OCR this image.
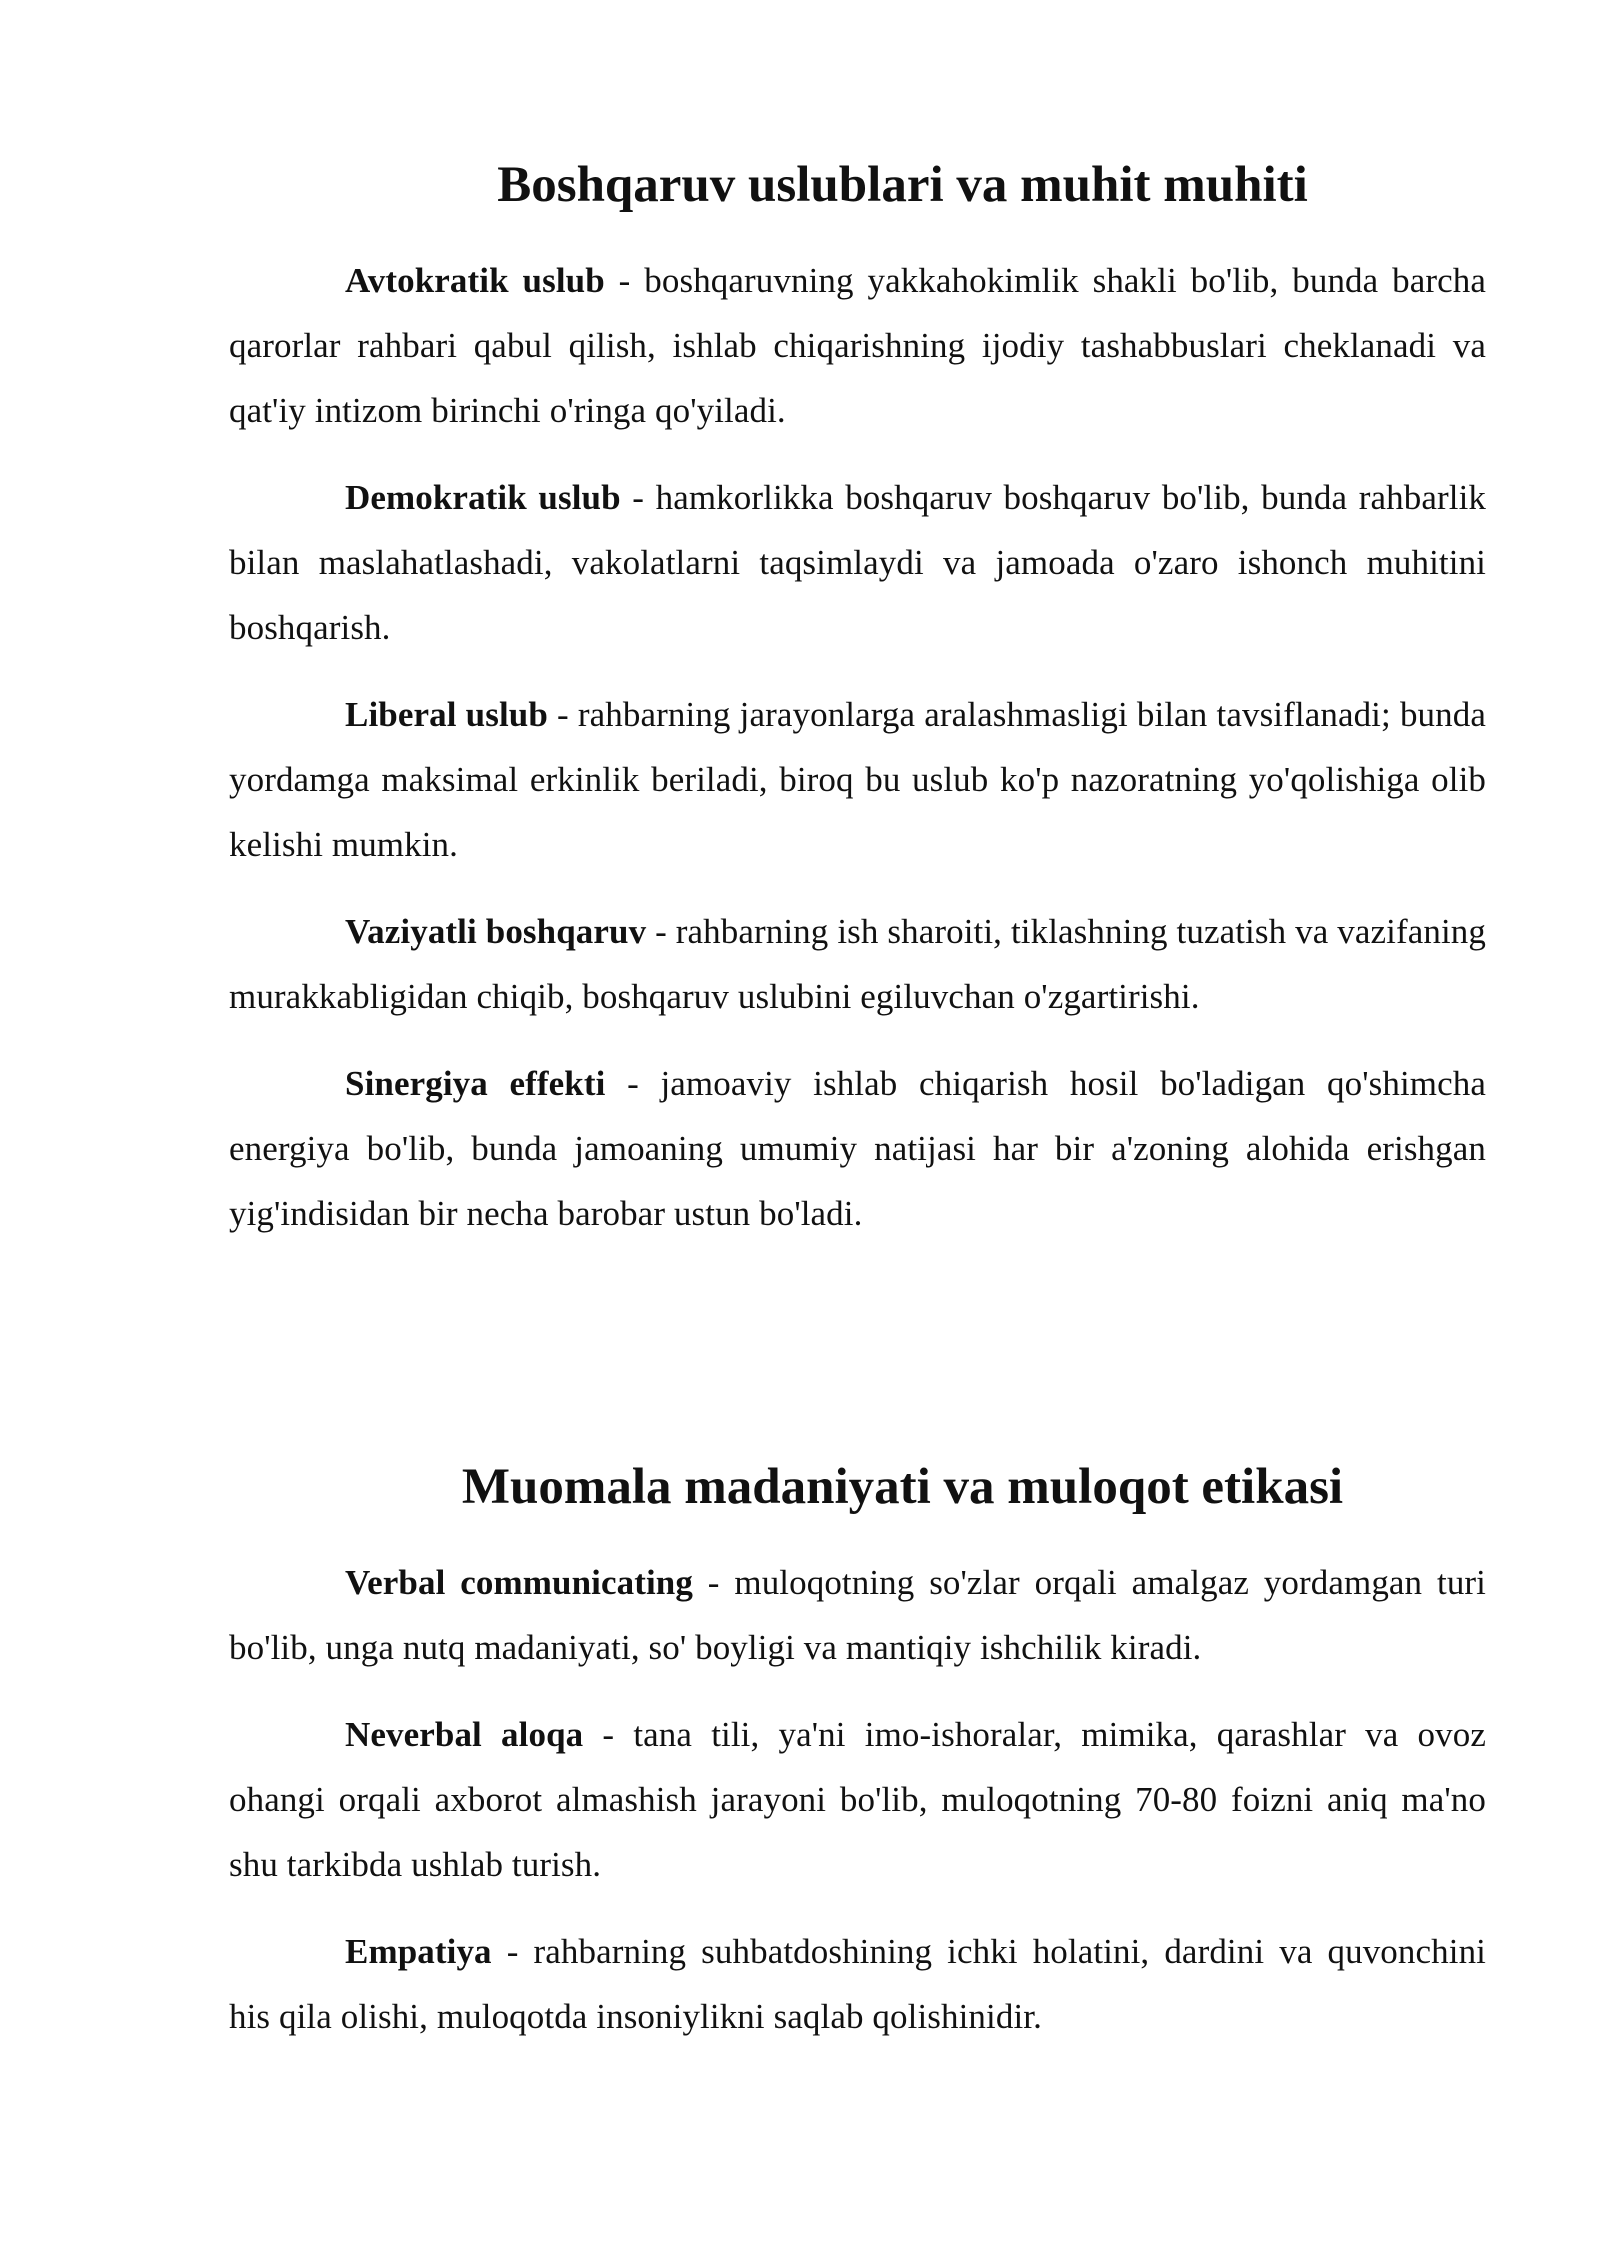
Boshqaruv uslublari va muhit muhiti

Avtokratik uslub - boshqaruvning yakkahokimlik shakli bo'lib, bunda barcha qarorlar rahbari qabul qilish, ishlab chiqarishning ijodiy tashabbuslari cheklanadi va qat'iy intizom birinchi o'ringa qo'yiladi.

Demokratik uslub - hamkorlikka boshqaruv boshqaruv bo'lib, bunda rahbarlik bilan maslahatlashadi, vakolatlarni taqsimlaydi va jamoada o'zaro ishonch muhitini boshqarish.

Liberal uslub - rahbarning jarayonlarga aralashmasligi bilan tavsiflanadi; bunda yordamga maksimal erkinlik beriladi, biroq bu uslub ko'p nazoratning yo'qolishiga olib kelishi mumkin.

Vaziyatli boshqaruv - rahbarning ish sharoiti, tiklashning tuzatish va vazifaning murakkabligidan chiqib, boshqaruv uslubini egiluvchan o'zgartirishi.

Sinergiya effekti - jamoaviy ishlab chiqarish hosil bo'ladigan qo'shimcha energiya bo'lib, bunda jamoaning umumiy natijasi har bir a'zoning alohida erishgan yig'indisidan bir necha barobar ustun bo'ladi.

Muomala madaniyati va muloqot etikasi

Verbal communicating - muloqotning so'zlar orqali amalgaz yordamgan turi bo'lib, unga nutq madaniyati, so' boyligi va mantiqiy ishchilik kiradi.

Neverbal aloqa - tana tili, ya'ni imo-ishoralar, mimika, qarashlar va ovoz ohangi orqali axborot almashish jarayoni bo'lib, muloqotning 70-80 foizni aniq ma'no shu tarkibda ushlab turish.

Empatiya - rahbarning suhbatdoshining ichki holatini, dardini va quvonchini his qila olishi, muloqotda insoniylikni saqlab qolishinidir.
